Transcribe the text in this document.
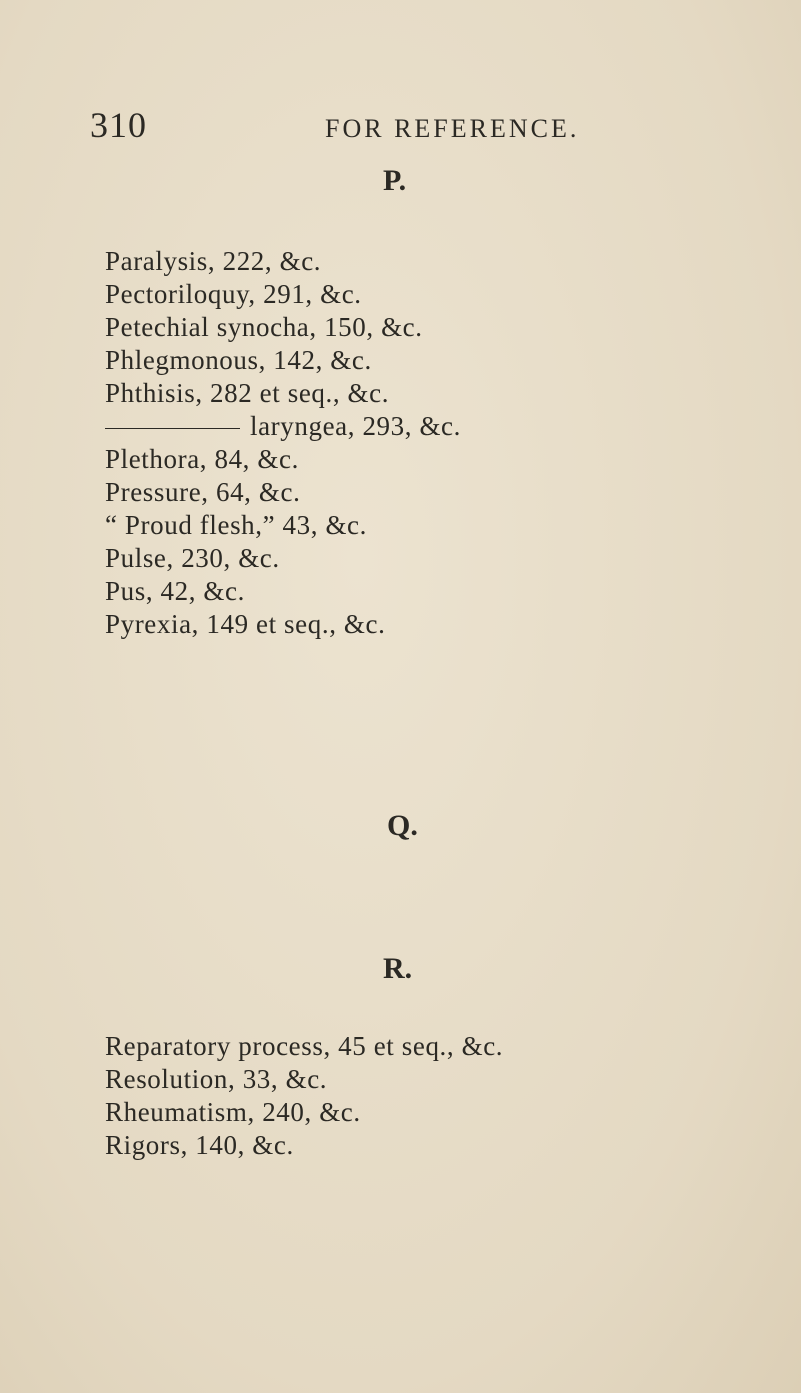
310	FOR REFERENCE.
P.
Paralysis, 222, &c.
Pectoriloquy, 291, &c.
Petechial synocha, 150, &c.
Phlegmonous, 142, &c.
Phthisis, 282 et seq., &c.
laryngea, 293, &c.
Plethora, 84, &c.
Pressure, 64, &c.
“ Proud flesh,” 43, &c.
Pulse, 230, &c.
Pus, 42, &c.
Pyrexia, 149 et seq., &c.
Q.
R.
Reparatory process, 45 et seq., &c.
Resolution, 33, &c.
Rheumatism, 240, &c.
Rigors, 140, &c.
